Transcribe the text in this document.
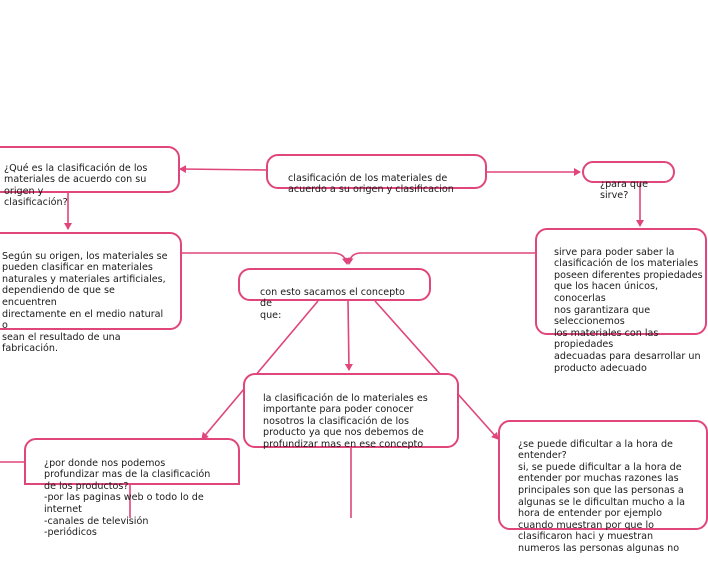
clasificación de los materiales de
acuerdo a su origen y clasificacion

¿Qué es la clasificación de los
materiales de acuerdo con su origen y
clasificación?

¿para que sirve?

Según su origen, los materiales se
pueden clasificar en materiales
naturales y materiales artificiales,
dependiendo de que se encuentren
directamente en el medio natural o
sean el resultado de una
fabricación.

sirve para poder saber la
clasificación de los materiales
poseen diferentes propiedades
que los hacen únicos, conocerlas
nos garantizara que seleccionemos
los materiales con las propiedades
adecuadas para desarrollar un
producto adecuado

con esto sacamos el concepto de
que:

la clasificación de lo materiales es
importante para poder conocer
nosotros la clasificación de los
producto ya que nos debemos de
profundizar mas en ese concepto

¿por donde nos podemos
profundizar mas de la clasificación
de los productos?
-por las paginas web o todo lo de
internet
-canales de televisión
-periódicos

¿se puede dificultar a la hora de
entender?
si, se puede dificultar a la hora de
entender por muchas razones las
principales son que las personas a
algunas se le dificultan mucho a la
hora de entender por ejemplo
cuando muestran por que lo
clasificaron haci y muestran
numeros las personas algunas no
